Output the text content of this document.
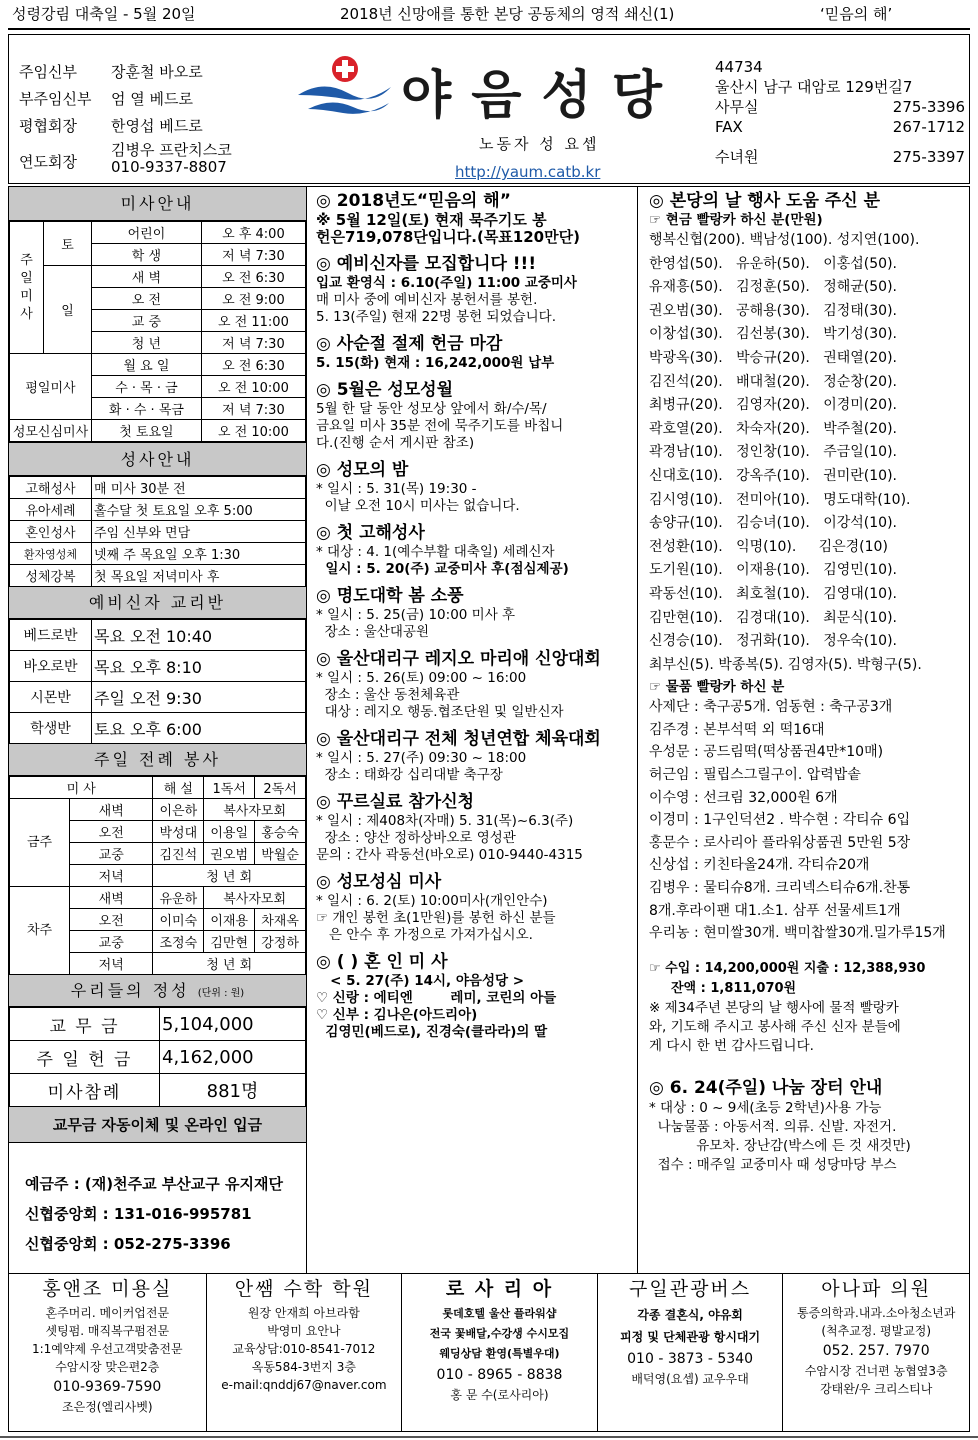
성령강림 대축일 - 5월 20일	2018년 신망애를 통한 본당 공동체의 영적 쇄신(1)	‘믿음의 해’
주임신부	장훈철 바오로
부주임신부	엄 열 베드로
평협회장	한영섭 베드로
연도회장
김병우 프란치스코
010-9337-8807
야음성당
노동자 성 요셉
http://yaum.catb.kr
44734
울산시 남구 대암로 129번길7
사무실	275-3396
FAX	267-1712
수녀원	275-3397
미사안내
주
일
미
사	토	어린이	오 후 4:00
		학 생	저 녁 7:30
	일	새 벽	오 전 6:30
		오 전	오 전 9:00
		교 중	오 전 11:00
		청 년	저 녁 7:30
평일미사		월 요 일	오 전 6:30
		수 · 목 · 금	오 전 10:00
		화 · 수 · 목금	저 녁 7:30
성모신심미사		첫 토요일	오 전 10:00
성사안내
고해성사	매 미사 30분 전
유아세례	홀수달 첫 토요일 오후 5:00
혼인성사	주임 신부와 면담
환자영성체	넷째 주 목요일 오후 1:30
성체강복	첫 목요일 저녁미사 후
예비신자 교리반
베드로반	목요 오전 10:40
바오로반	목요 오후 8:10
시몬반	주일 오전 9:30
학생반	토요 오후 6:00
주일 전례 봉사
미 사		해 설	1독서	2독서
금주	새벽	이은하	복사자모회	
	오전	박성대	이용일	홍승숙
	교중	김진석	권오범	박월순
	저녁	청 년 회		
차주	새벽	유운하	복사자모회	
	오전	이미숙	이재용	차재옥
	교중	조정숙	김만현	강정하
	저녁	청 년 회		
우리들의 정성 (단위 : 원)
교 무 금	5,104,000
주 일 헌 금	4,162,000
미사참례	881명
교무금 자동이체 및 온라인 입금
예금주 : (재)천주교 부산교구 유지재단
신협중앙회 : 131-016-995781
신협중앙회 : 052-275-3396
◎ 2018년도“믿음의 해”
※ 5월 12일(토) 현재 묵주기도 봉
헌은719,078단입니다.(목표120만단)
◎ 예비신자를 모집합니다 !!!
입교 환영식 : 6.10(주일) 11:00 교중미사
매 미사 중에 예비신자 봉헌서를 봉헌.
5. 13(주일) 현재 22명 봉헌 되었습니다.
◎ 사순절 절제 헌금 마감
5. 15(화) 현재 : 16,242,000원 납부
◎ 5월은 성모성월
5월 한 달 동안 성모상 앞에서 화/수/목/
금요일 미사 35분 전에 묵주기도를 바칩니
다.(진행 순서 게시판 참조)
◎ 성모의 밤
* 일시 : 5. 31(목) 19:30 -
이날 오전 10시 미사는 없습니다.
◎ 첫 고해성사
* 대상 : 4. 1(예수부활 대축일) 세례신자
일시 : 5. 20(주) 교중미사 후(점심제공)
◎ 명도대학 봄 소풍
* 일시 : 5. 25(금) 10:00 미사 후
장소 : 울산대공원
◎ 울산대리구 레지오 마리애 신앙대회
* 일시 : 5. 26(토) 09:00 ~ 16:00
장소 : 울산 동천체육관
대상 : 레지오 행동.협조단원 및 일반신자
◎ 울산대리구 전체 청년연합 체육대회
* 일시 : 5. 27(주) 09:30 ~ 18:00
장소 : 태화강 십리대밭 축구장
◎ 꾸르실료 참가신청
* 일시 : 제408차(자매) 5. 31(목)~6.3(주)
장소 : 양산 정하상바오로 영성관
문의 : 간사 곽동선(바오로) 010-9440-4315
◎ 성모성심 미사
* 일시 : 6. 2(토) 10:00미사(개인안수)
☞ 개인 봉헌 초(1만원)를 봉헌 하신 분들
은 안수 후 가정으로 가져가십시오.
◎ ( ) 혼 인 미 사
< 5. 27(주) 14시, 야음성당 >
♡ 신랑 : 에티엔        레미, 코린의 아들
♡ 신부 : 김나은(아드리아)
김영민(베드로), 진경숙(클라라)의 딸
◎ 본당의 날 행사 도움 주신 분
☞ 현금 빨랑카 하신 분(만원)
행복신협(200). 백남성(100). 성지연(100).
한영섭(50).   유운하(50).   이홍섭(50).
유재흥(50).   김정훈(50).   정해균(50).
권오범(30).   공해용(30).   김정태(30).
이창섭(30).   김선봉(30).   박기성(30).
박광옥(30).   박승규(20).   권태열(20).
김진석(20).   배대철(20).   정순창(20).
최병규(20).   김영자(20).   이경미(20).
곽호열(20).   차숙자(20).   박주철(20).
곽경남(10).   정인창(10).   주금일(10).
신대호(10).   강옥주(10).   권미란(10).
김시영(10).   전미아(10).   명도대학(10).
송양규(10).   김승녀(10).   이강석(10).
전성환(10).   익명(10).     김은경(10)
도기원(10).   이재용(10).   김영민(10).
곽동선(10).   최호철(10).   김영대(10).
김만현(10).   김경대(10).   최문식(10).
신경승(10).   정귀화(10).   정우숙(10).
최부신(5). 박종복(5). 김영자(5). 박형구(5).
☞ 물품 빨랑카 하신 분
사제단 : 축구공5개. 엄동현 : 축구공3개
김주경 : 본부석떡 외 떡16대
우성문 : 공드림떡(떡상품권4만*10매)
허근임 : 필립스그릴구이. 압력밥솥
이수영 : 선크림 32,000원 6개
이경미 : 1구인덕션2 . 박수현 : 각티슈 6입
홍문수 : 로사리아 플라워상품권 5만원 5장
신상섭 : 키친타올24개. 각티슈20개
김병우 : 물티슈8개. 크리넥스티슈6개.찬통
8개.후라이팬 대1.소1. 삼푸 선물세트1개
우리농 : 현미쌀30개. 백미찹쌀30개.밀가루15개
☞ 수입 : 14,200,000원 지출 : 12,388,930
잔액 : 1,811,070원
※ 제34주년 본당의 날 행사에 물적 빨랑카
와, 기도해 주시고 봉사해 주신 신자 분들에
게 다시 한 번 감사드립니다.
◎ 6. 24(주일) 나눔 장터 안내
* 대상 : 0 ~ 9세(초등 2학년)사용 가능
나눔물품 : 아동서적. 의류. 신발. 자전거.
유모차. 장난감(박스에 든 것 새것만)
접수 : 매주일 교중미사 때 성당마당 부스
홍앤조 미용실
혼주머리. 메이커업전문
셋팅펌. 매직복구펌전문
1:1예약제 우선고객맞춤전문
수암시장 맞은편2층
010-9369-7590
조은정(엘리사벳)
안쌤 수학 학원
원장 안재희 아브라함
박영미 요안나
교육상담:010-8541-7012
옥동584-3번지 3층
e-mail:qnddj67@naver.com
로 사 리 아
롯데호텔 울산 플라워샵
전국 꽃배달,수강생 수시모집
웨딩상담 환영(특별우대)
010 - 8965 - 8838
홍 문 수(로사리아)
구일관광버스
각종 결혼식, 야유회
피정 및 단체관광 항시대기
010 - 3873 - 5340
배덕영(요셉) 교우우대
아나파 의원
통증의학과.내과.소아청소년과
(척추교정. 평발교정)
052. 257. 7970
수암시장 건너편 농협옆3층
강태완/우 크리스티나
